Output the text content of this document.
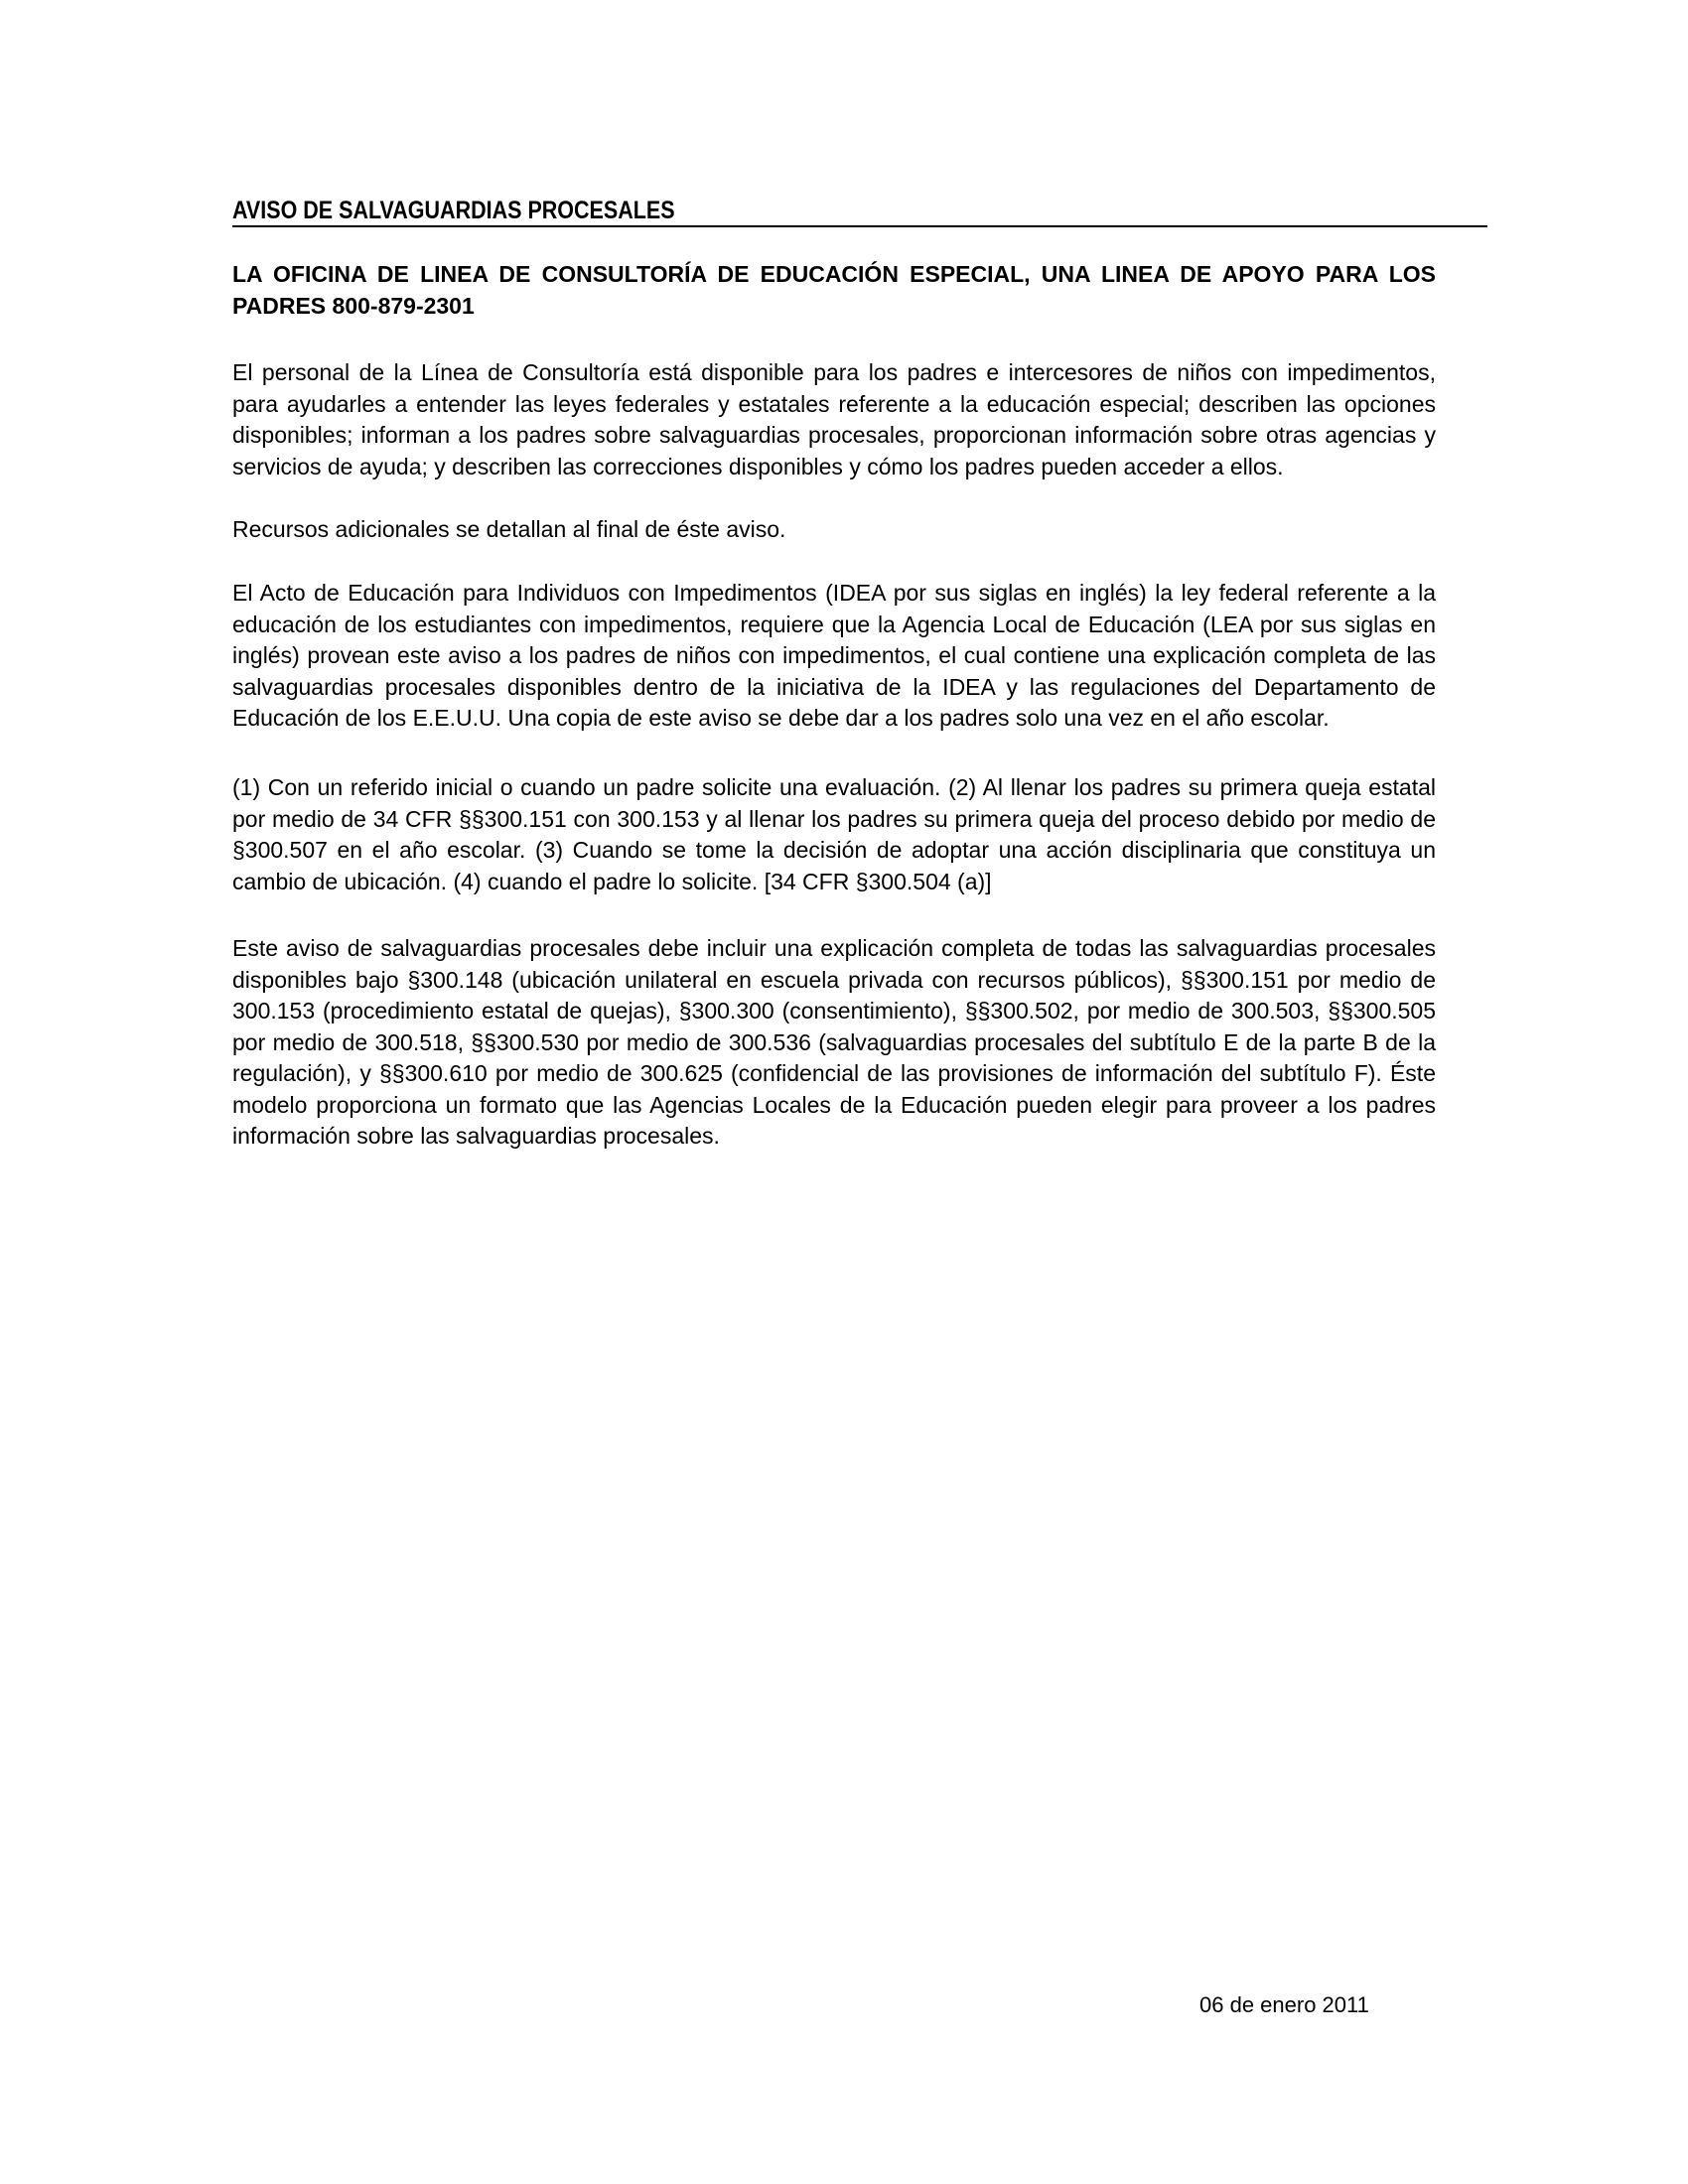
AVISO DE SALVAGUARDIAS PROCESALES
LA OFICINA DE LINEA DE CONSULTORÍA DE EDUCACIÓN ESPECIAL, UNA LINEA DE APOYO PARA LOS PADRES 800-879-2301

El personal de la Línea de Consultoría está disponible para los padres e intercesores de niños con impedimentos, para ayudarles a entender las leyes federales y estatales referente a la educación especial; describen las opciones disponibles; informan a los padres sobre salvaguardias procesales, proporcionan información sobre otras agencias y servicios de ayuda; y describen las correcciones disponibles y cómo los padres pueden acceder a ellos.

Recursos adicionales se detallan al final de éste aviso.

El Acto de Educación para Individuos con Impedimentos (IDEA por sus siglas en inglés) la ley federal referente a la educación de los estudiantes con impedimentos, requiere que la Agencia Local de Educación (LEA por sus siglas en inglés) provean este aviso a los padres de niños con impedimentos, el cual contiene una explicación completa de las salvaguardias procesales disponibles dentro de la iniciativa de la IDEA y las regulaciones del Departamento de Educación de los E.E.U.U. Una copia de este aviso se debe dar a los padres solo una vez en el año escolar.

(1) Con un referido inicial o cuando un padre solicite una evaluación. (2) Al llenar los padres su primera queja estatal por medio de 34 CFR §§300.151 con 300.153 y al llenar los padres su primera queja del proceso debido por medio de §300.507 en el año escolar. (3) Cuando se tome la decisión de adoptar una acción disciplinaria que constituya un cambio de ubicación. (4) cuando el padre lo solicite. [34 CFR §300.504 (a)]

Este aviso de salvaguardias procesales debe incluir una explicación completa de todas las salvaguardias procesales disponibles bajo §300.148 (ubicación unilateral en escuela privada con recursos públicos), §§300.151 por medio de 300.153 (procedimiento estatal de quejas), §300.300 (consentimiento), §§300.502, por medio de 300.503, §§300.505 por medio de 300.518, §§300.530 por medio de 300.536 (salvaguardias procesales del subtítulo E de la parte B de la regulación), y §§300.610 por medio de 300.625 (confidencial de las provisiones de información del subtítulo F). Éste modelo proporciona un formato que las Agencias Locales de la Educación pueden elegir para proveer a los padres información sobre las salvaguardias procesales.

06 de enero 2011
